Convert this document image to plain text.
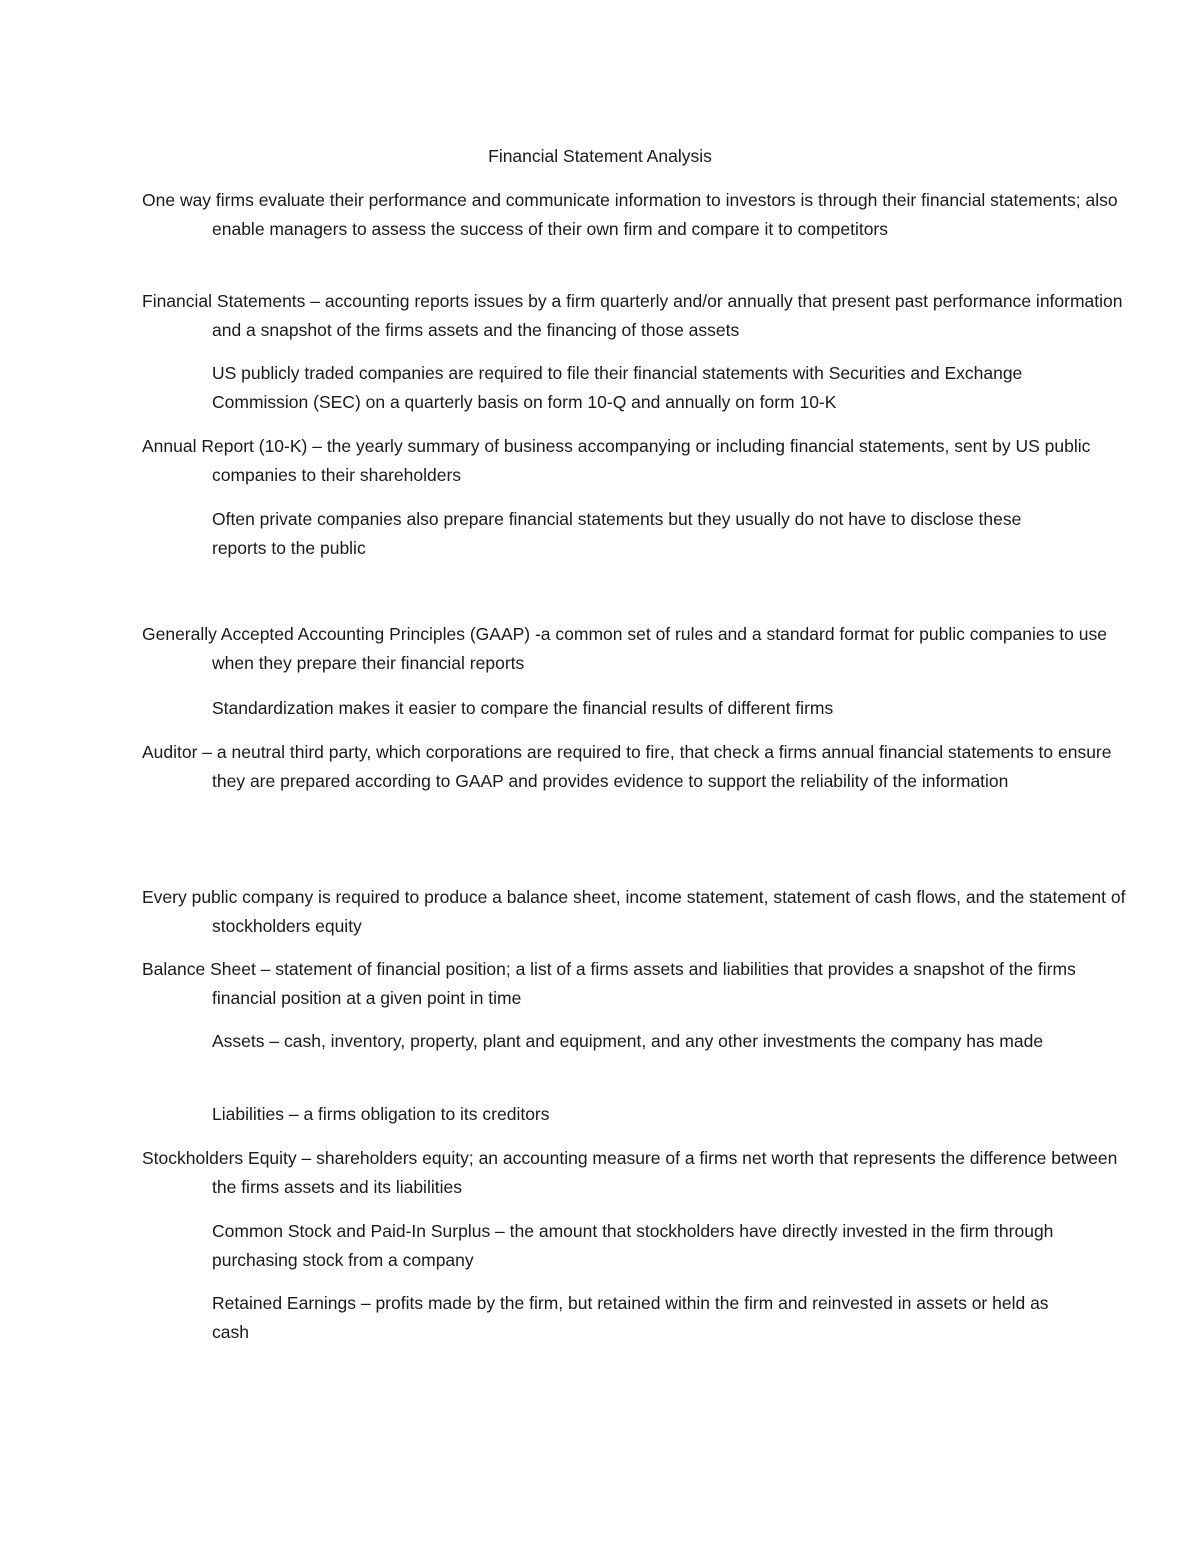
Financial Statement Analysis

One way firms evaluate their performance and communicate information to investors is through their financial statements; also enable managers to assess the success of their own firm and compare it to competitors

Financial Statements – accounting reports issues by a firm quarterly and/or annually that present past performance information and a snapshot of the firms assets and the financing of those assets

US publicly traded companies are required to file their financial statements with Securities and Exchange Commission (SEC) on a quarterly basis on form 10-Q and annually on form 10-K

Annual Report (10-K) – the yearly summary of business accompanying or including financial statements, sent by US public companies to their shareholders

Often private companies also prepare financial statements but they usually do not have to disclose these reports to the public

Generally Accepted Accounting Principles (GAAP) -a common set of rules and a standard format for public companies to use when they prepare their financial reports

Standardization makes it easier to compare the financial results of different firms

Auditor – a neutral third party, which corporations are required to fire, that check a firms annual financial statements to ensure they are prepared according to GAAP and provides evidence to support the reliability of the information

Every public company is required to produce a balance sheet, income statement, statement of cash flows, and the statement of stockholders equity

Balance Sheet – statement of financial position; a list of a firms assets and liabilities that provides a snapshot of the firms financial position at a given point in time

Assets – cash, inventory, property, plant and equipment, and any other investments the company has made

Liabilities – a firms obligation to its creditors

Stockholders Equity – shareholders equity; an accounting measure of a firms net worth that represents the difference between the firms assets and its liabilities

Common Stock and Paid-In Surplus – the amount that stockholders have directly invested in the firm through purchasing stock from a company

Retained Earnings – profits made by the firm, but retained within the firm and reinvested in assets or held as cash
